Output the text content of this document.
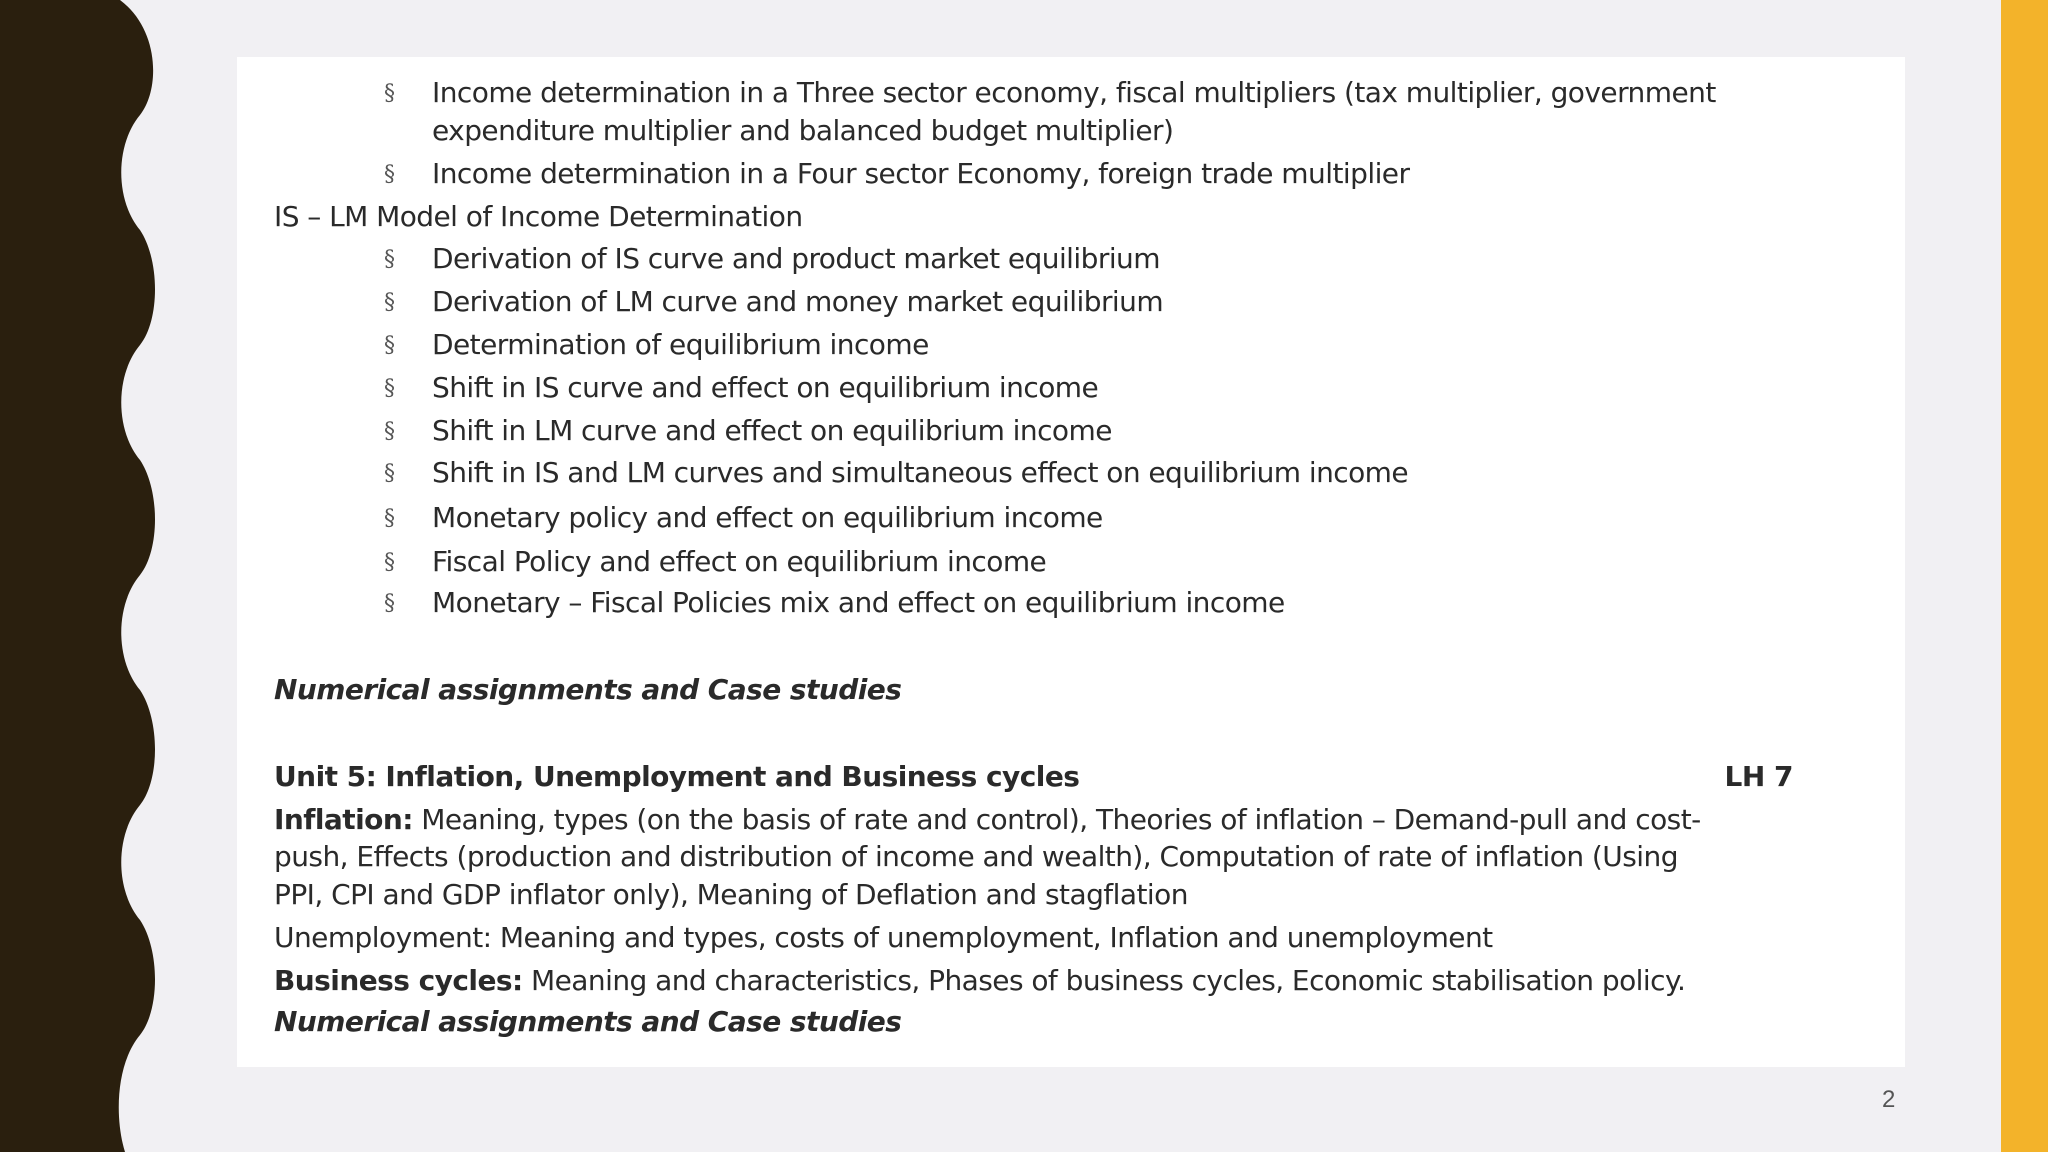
§ Income determination in a Three sector economy, fiscal multipliers (tax multiplier, government
expenditure multiplier and balanced budget multiplier)
§ Income determination in a Four sector Economy, foreign trade multiplier
IS – LM Model of Income Determination
§ Derivation of IS curve and product market equilibrium
§ Derivation of LM curve and money market equilibrium
§ Determination of equilibrium income
§ Shift in IS curve and effect on equilibrium income
§ Shift in LM curve and effect on equilibrium income
§ Shift in IS and LM curves and simultaneous effect on equilibrium income
§ Monetary policy and effect on equilibrium income
§ Fiscal Policy and effect on equilibrium income
§ Monetary – Fiscal Policies mix and effect on equilibrium income
Numerical assignments and Case studies
Unit 5: Inflation, Unemployment and Business cycles	LH 7
Inflation: Meaning, types (on the basis of rate and control), Theories of inflation – Demand-pull and cost-
push, Effects (production and distribution of income and wealth), Computation of rate of inflation (Using
PPI, CPI and GDP inflator only), Meaning of Deflation and stagflation
Unemployment: Meaning and types, costs of unemployment, Inflation and unemployment
Business cycles: Meaning and characteristics, Phases of business cycles, Economic stabilisation policy.
Numerical assignments and Case studies
2
